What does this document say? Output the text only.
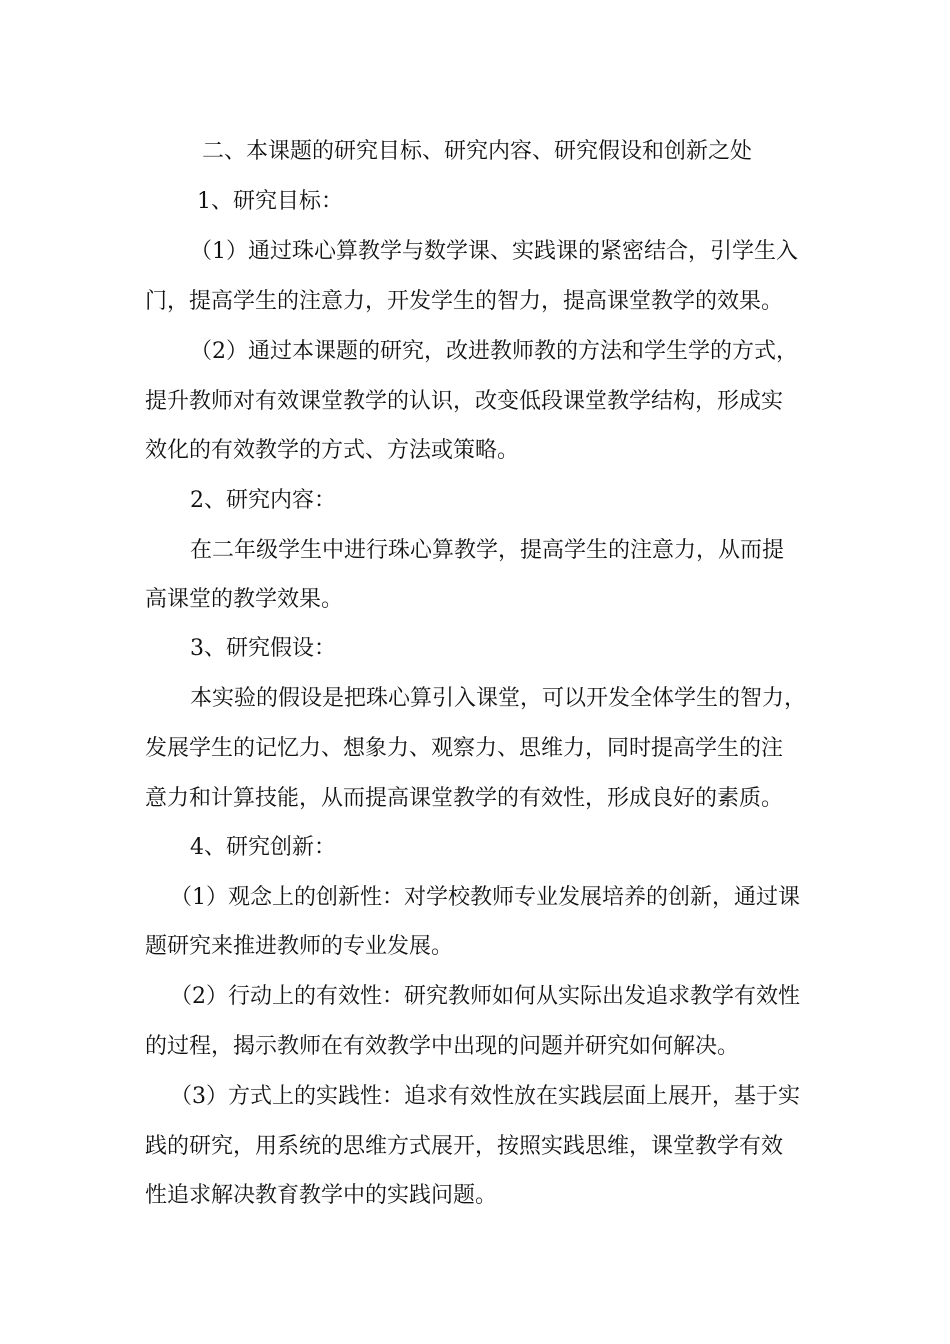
二、本课题的研究目标、研究内容、研究假设和创新之处
1、研究目标：
（1）通过珠心算教学与数学课、实践课的紧密结合，引学生入
门，提高学生的注意力，开发学生的智力，提高课堂教学的效果。
（2）通过本课题的研究，改进教师教的方法和学生学的方式，
提升教师对有效课堂教学的认识，改变低段课堂教学结构，形成实
效化的有效教学的方式、方法或策略。
2、研究内容：
在二年级学生中进行珠心算教学，提高学生的注意力，从而提
高课堂的教学效果。
3、研究假设：
本实验的假设是把珠心算引入课堂，可以开发全体学生的智力，
发展学生的记忆力、想象力、观察力、思维力，同时提高学生的注
意力和计算技能，从而提高课堂教学的有效性，形成良好的素质。
4、研究创新：
（1）观念上的创新性：对学校教师专业发展培养的创新，通过课
题研究来推进教师的专业发展。
（2）行动上的有效性：研究教师如何从实际出发追求教学有效性
的过程，揭示教师在有效教学中出现的问题并研究如何解决。
（3）方式上的实践性：追求有效性放在实践层面上展开，基于实
践的研究，用系统的思维方式展开，按照实践思维，课堂教学有效
性追求解决教育教学中的实践问题。
